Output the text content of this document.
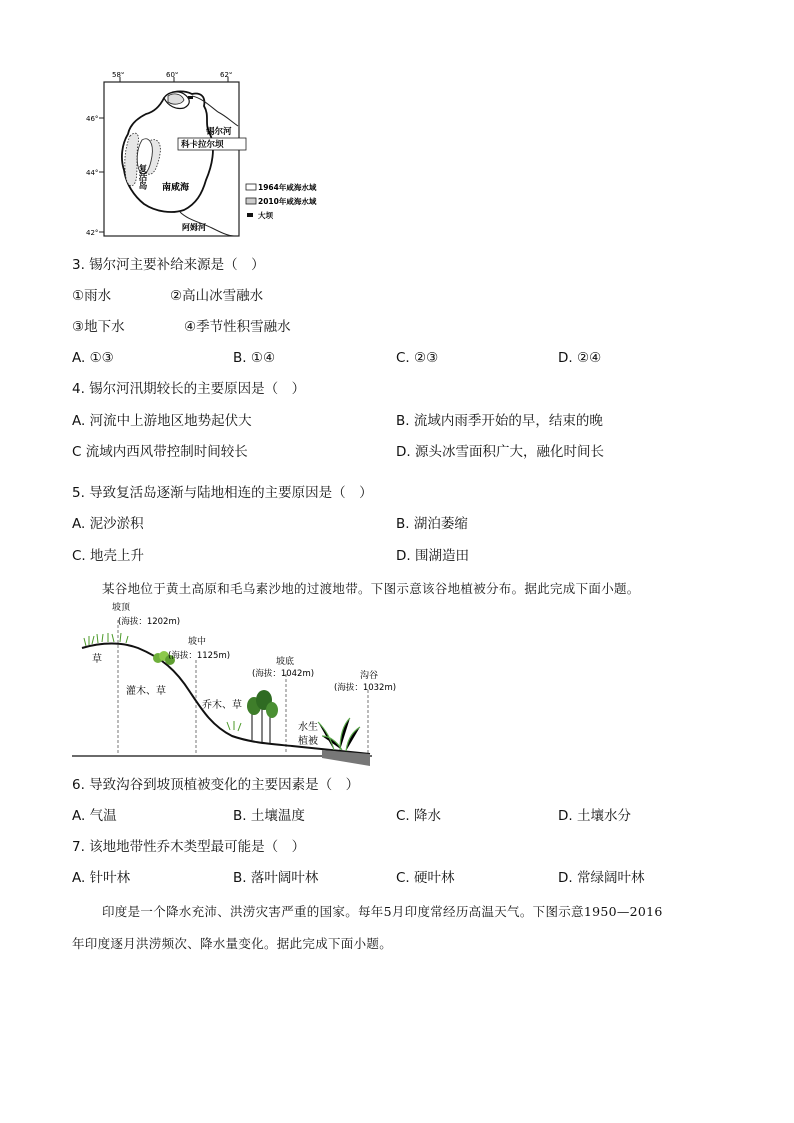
58°	60°	62°
46°
44°
42°
复活岛 南咸海
锡尔河
科卡拉尔坝
阿姆河
1964年咸海水域
2010年咸海水域
大坝
3. 锡尔河主要补给来源是（　）
①雨水	②高山冰雪融水
③地下水	④季节性积雪融水
A. ①③	B. ①④	C. ②③	D. ②④
4. 锡尔河汛期较长的主要原因是（　）
A. 河流中上游地区地势起伏大	B. 流域内雨季开始的早，结束的晚
C 流域内西风带控制时间较长	D. 源头冰雪面积广大，融化时间长
5. 导致复活岛逐渐与陆地相连的主要原因是（　）
A. 泥沙淤积	B. 湖泊萎缩
C. 地壳上升	D. 围湖造田
某谷地位于黄土高原和毛乌素沙地的过渡地带。下图示意该谷地植被分布。据此完成下面小题。
坡顶
(海拔：1202m)
坡中
(海拔：1125m)
坡底
(海拔：1042m)	沟谷
(海拔：1032m)
草
灌木、草
乔木、草
水生
植被
6. 导致沟谷到坡顶植被变化的主要因素是（　）
A. 气温	B. 土壤温度	C. 降水	D. 土壤水分
7. 该地地带性乔木类型最可能是（　）
A. 针叶林	B. 落叶阔叶林	C. 硬叶林	D. 常绿阔叶林
印度是一个降水充沛、洪涝灾害严重的国家。每年5月印度常经历高温天气。下图示意1950—2016
年印度逐月洪涝频次、降水量变化。据此完成下面小题。
